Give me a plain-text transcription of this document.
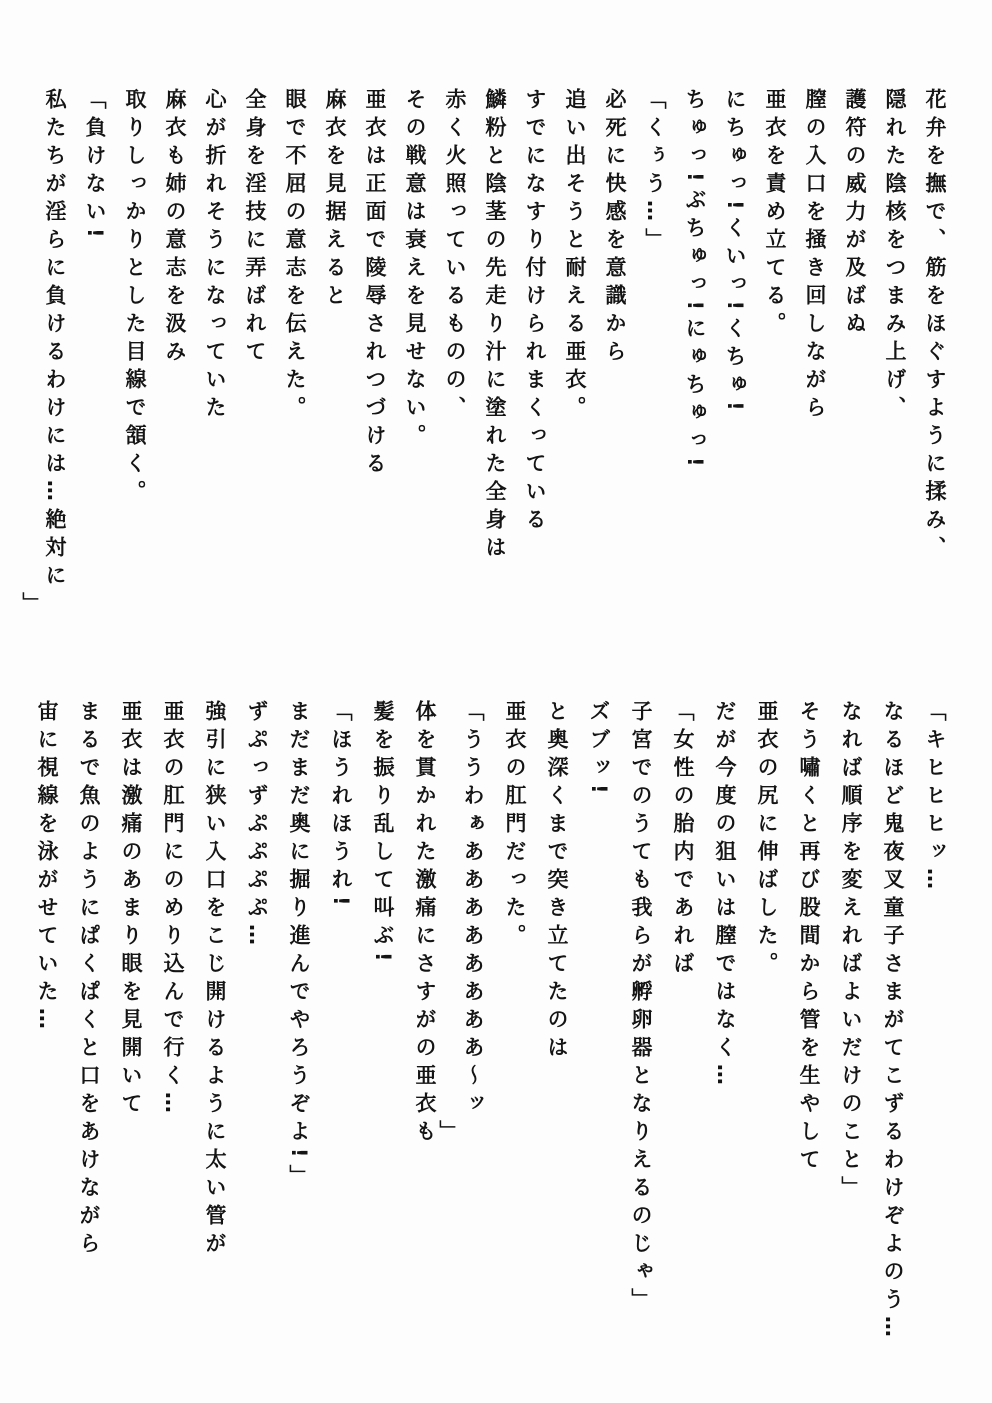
花弁を撫で、筋をほぐすように揉み、
隠れた陰核をつまみ上げ、
護符の威力が及ばぬ
膣の入口を掻き回しながら
亜衣を責め立てる。
にちゅっ!くいっ!くちゅ!
ちゅっ!ぶちゅっ!にゅちゅっ!
「くぅう…」
必死に快感を意識から
追い出そうと耐える亜衣。
すでになすり付けられまくっている
鱗粉と陰茎の先走り汁に塗れた全身は
赤く火照っているものの、
その戦意は衰えを見せない。
亜衣は正面で陵辱されつづける
麻衣を見据えると
眼で不屈の意志を伝えた。
全身を淫技に弄ばれて
心が折れそうになっていた
麻衣も姉の意志を汲み
取りしっかりとした目線で頷く。
「負けない!
私たちが淫らに負けるわけには…絶対に
」
「キヒヒヒッ…
なるほど鬼夜叉童子さまがてこずるわけぞよのう…
なれば順序を変えればよいだけのこと」
そう嘯くと再び股間から管を生やして
亜衣の尻に伸ばした。
だが今度の狙いは膣ではなく…
「女性の胎内であれば
子宮でのうても我らが孵卵器となりえるのじゃ」
ズブッ!
と奥深くまで突き立てたのは
亜衣の肛門だった。
「ううわぁああああああああ〜ッ
」
体を貫かれた激痛にさすがの亜衣も
髪を振り乱して叫ぶ!
「ほうれほうれ!
まだまだ奥に掘り進んでやろうぞよ!」
ずぷっずぷぷぷぷ…
強引に狭い入口をこじ開けるように太い管が
亜衣の肛門にのめり込んで行く…
亜衣は激痛のあまり眼を見開いて
まるで魚のようにぱくぱくと口をあけながら
宙に視線を泳がせていた…
